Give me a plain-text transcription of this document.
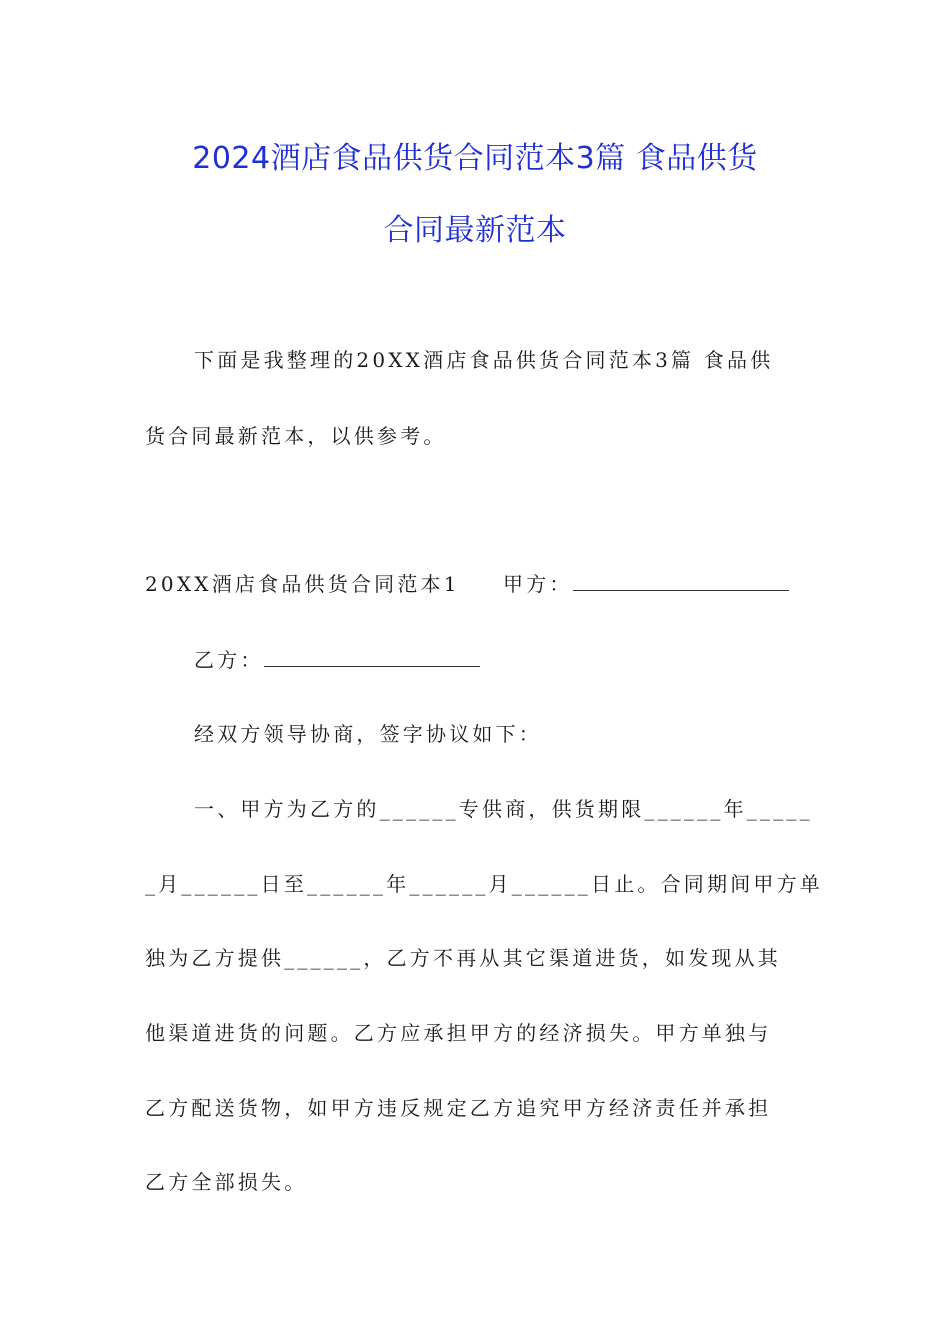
2024酒店食品供货合同范本3篇 食品供货
合同最新范本
下面是我整理的20XX酒店食品供货合同范本3篇 食品供
货合同最新范本，以供参考。
20XX酒店食品供货合同范本1 甲方：
乙方：
经双方领导协商，签字协议如下：
一、甲方为乙方的______专供商，供货期限______年_____
_月______日至______年______月______日止。合同期间甲方单
独为乙方提供______，乙方不再从其它渠道进货，如发现从其
他渠道进货的问题。乙方应承担甲方的经济损失。甲方单独与
乙方配送货物，如甲方违反规定乙方追究甲方经济责任并承担
乙方全部损失。
